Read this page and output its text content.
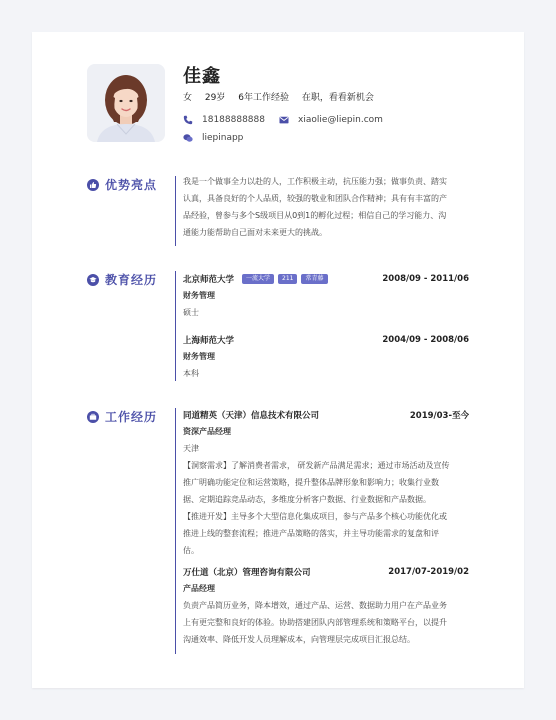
佳鑫
女 29岁 6年工作经验 在职，看看新机会
18188888888	xiaolie@liepin.com
liepinapp
优势亮点	我是一个做事全力以赴的人，工作积极主动，抗压能力强；做事负责、踏实

认真，具备良好的个人品质，较强的敬业和团队合作精神；具有有丰富的产

品经验，曾参与多个S级项目从0到1的孵化过程；相信自己的学习能力、沟

通能力能帮助自己面对未来更大的挑战。

教育经历	北京师范大学	一流大学	211	常青藤	2008/09 - 2011/06
财务管理
硕士
上海师范大学	2004/09 - 2008/06
财务管理
本科
工作经历	同道精英（天津）信息技术有限公司	2019/03-至今
资深产品经理
天津

【洞察需求】了解消费者需求， 研发新产品满足需求；通过市场活动及宣传

推广明确功能定位和运营策略，提升整体品牌形象和影响力；收集行业数

据、定期追踪竞品动态，多维度分析客户数据、行业数据和产品数据。

【推进开发】主导多个大型信息化集成项目，参与产品多个核心功能优化或

推进上线的整套流程；推进产品策略的落实，并主导功能需求的复盘和评

估。

万仕道（北京）管理咨询有限公司	2017/07-2019/02
产品经理

负责产品简历业务，降本增效，通过产品、运营、数据助力用户在产品业务

上有更完整和良好的体验。协助搭建团队内部管理系统和策略平台，以提升

沟通效率、降低开发人员理解成本，向管理层完成项目汇报总结。
